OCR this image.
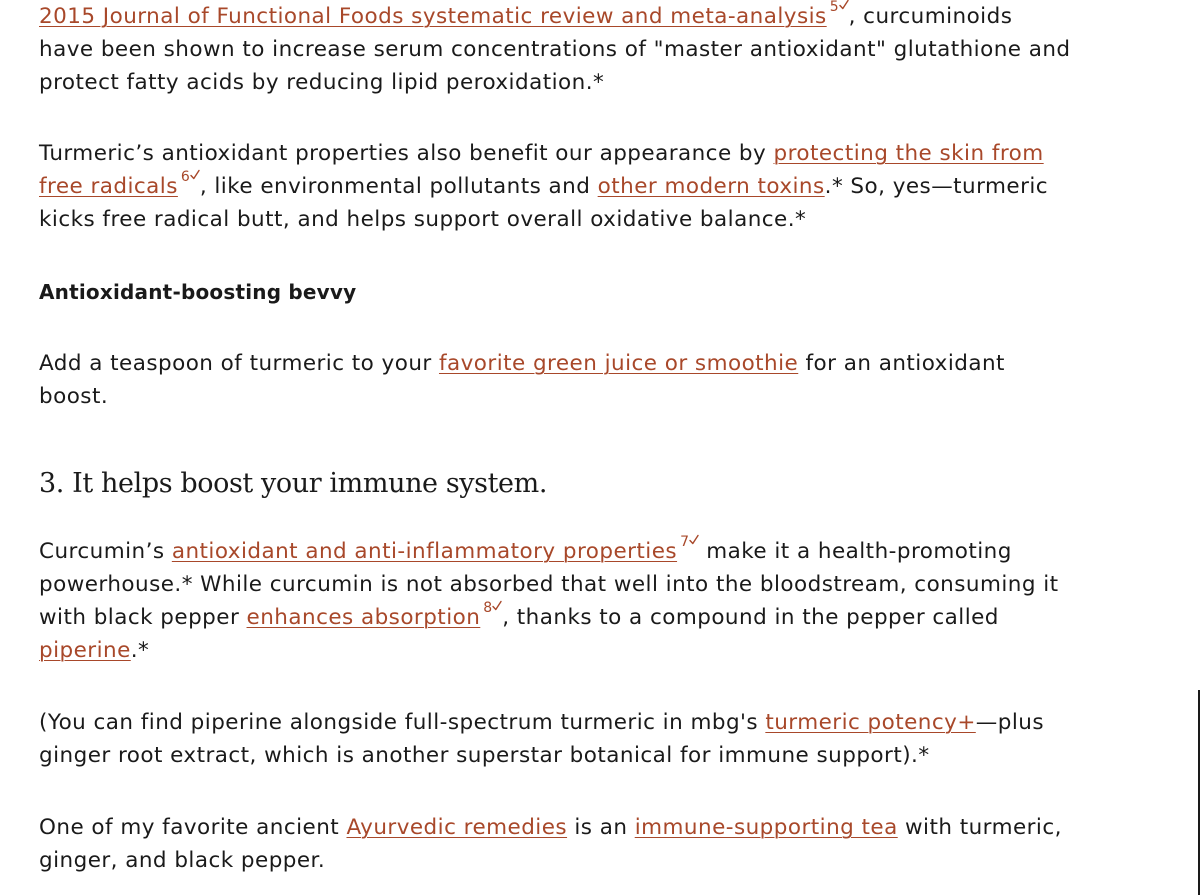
2015 Journal of Functional Foods systematic review and meta-analysis $^5$ , curcuminoids
have been shown to increase serum concentrations of "master antioxidant" glutathione and
protect fatty acids by reducing lipid peroxidation.*
Turmeric’s antioxidant properties also benefit our appearance by protecting the skin from
free radicals $^6$ , like environmental pollutants and other modern toxins.* So, yes—turmeric
kicks free radical butt, and helps support overall oxidative balance.*
Antioxidant-boosting bevvy
Add a teaspoon of turmeric to your favorite green juice or smoothie for an antioxidant
boost.
3. It helps boost your immune system.
Curcumin’s antioxidant and anti-inflammatory properties $^7$
make it a health-promoting
powerhouse.* While curcumin is not absorbed that well into the bloodstream, consuming it
with black pepper enhances absorption $^8$ , thanks to a compound in the pepper called
piperine.*
(You can find piperine alongside full-spectrum turmeric in mbg's turmeric potency+—plus
ginger root extract, which is another superstar botanical for immune support).*
One of my favorite ancient Ayurvedic remedies is an immune-supporting tea with turmeric,
ginger, and black pepper.
